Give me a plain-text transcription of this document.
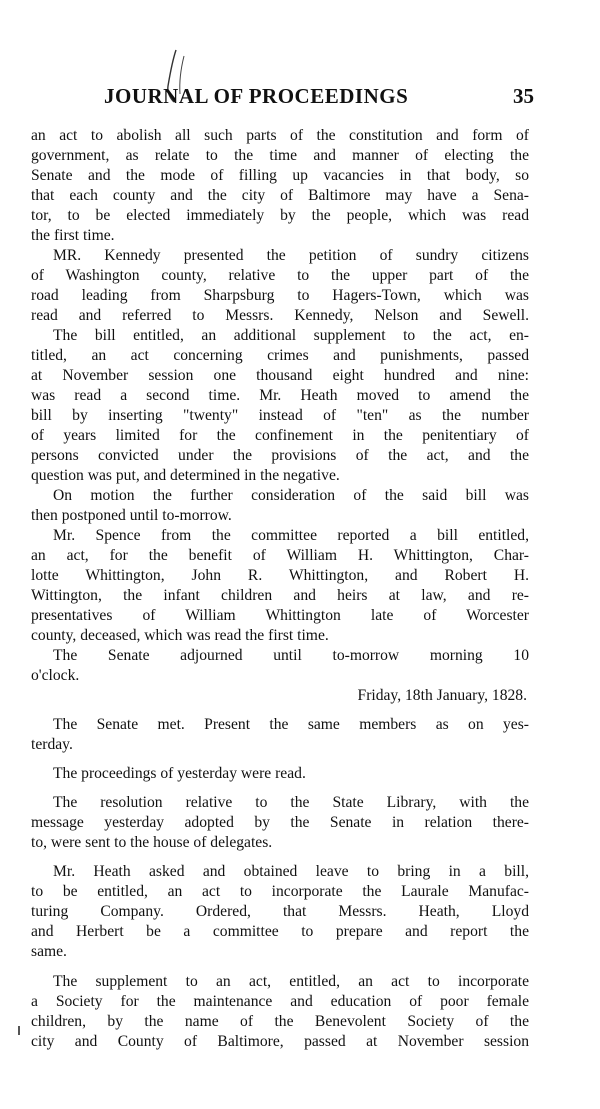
JOURNAL OF PROCEEDINGS	35
an act to abolish all such parts of the constitution and form of
government, as relate to the time and manner of electing the
Senate and the mode of filling up vacancies in that body, so
that each county and the city of Baltimore may have a Sena-
tor, to be elected immediately by the people, which was read
the first time.
MR. Kennedy presented the petition of sundry citizens
of Washington county, relative to the upper part of the
road leading from Sharpsburg to Hagers-Town, which was
read and referred to Messrs. Kennedy, Nelson and Sewell.
The bill entitled, an additional supplement to the act, en-
titled, an act concerning crimes and punishments, passed
at November session one thousand eight hundred and nine:
was read a second time. Mr. Heath moved to amend the
bill by inserting "twenty" instead of "ten" as the number
of years limited for the confinement in the penitentiary of
persons convicted under the provisions of the act, and the
question was put, and determined in the negative.
On motion the further consideration of the said bill was
then postponed until to-morrow.
Mr. Spence from the committee reported a bill entitled,
an act, for the benefit of William H. Whittington, Char-
lotte Whittington, John R. Whittington, and Robert H.
Wittington, the infant children and heirs at law, and re-
presentatives of William Whittington late of Worcester
county, deceased, which was read the first time.
The Senate adjourned until to-morrow morning 10
o'clock.
Friday, 18th January, 1828.
The Senate met. Present the same members as on yes-
terday.
The proceedings of yesterday were read.
The resolution relative to the State Library, with the
message yesterday adopted by the Senate in relation there-
to, were sent to the house of delegates.
Mr. Heath asked and obtained leave to bring in a bill,
to be entitled, an act to incorporate the Laurale Manufac-
turing Company. Ordered, that Messrs. Heath, Lloyd
and Herbert be a committee to prepare and report the
same.
The supplement to an act, entitled, an act to incorporate
a Society for the maintenance and education of poor female
children, by the name of the Benevolent Society of the
city and County of Baltimore, passed at November session
